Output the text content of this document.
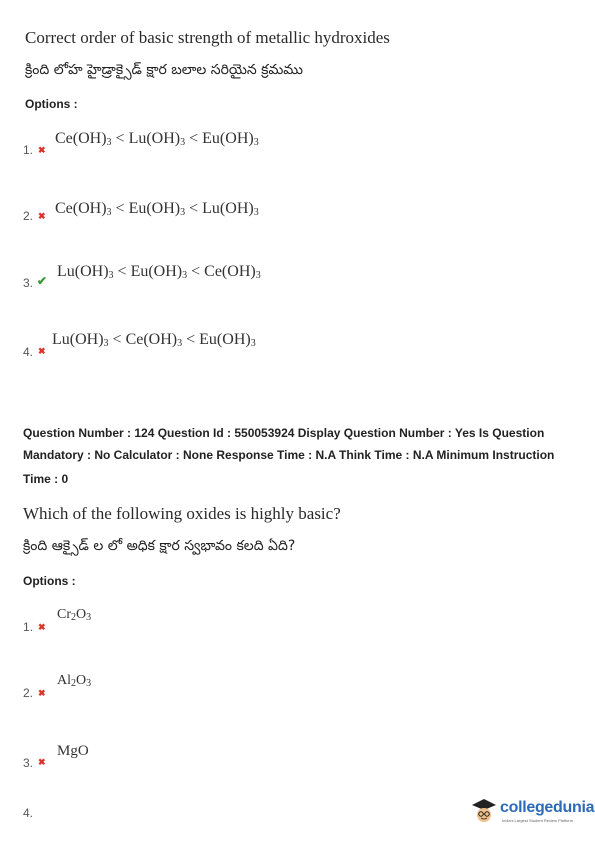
Correct order of basic strength of metallic hydroxides
క్రింది లోహ హైడ్రాక్సైడ్ క్షార బలాల సరియైన క్రమము
Options :
1. ✖
$Ce(OH)_3 < Lu(OH)_3 < Eu(OH)_3$
2. ✖ $Ce(OH)_3 < Eu(OH)_3 < Lu(OH)_3$
3. ✔
$Lu(OH)_3 < Eu(OH)_3 < Ce(OH)_3$
4. ✖
$Lu(OH)_3 < Ce(OH)_3 < Eu(OH)_3$
Question Number : 124 Question Id : 550053924 Display Question Number : Yes Is Question
Mandatory : No Calculator : None Response Time : N.A Think Time : N.A Minimum Instruction
Time : 0
Which of the following oxides is highly basic?
క్రింది ఆక్సైడ్ ల లో అధిక క్షార స్వభావం కలది ఏది?
Options :
1. ✖
$Cr_2O_3$
2. ✖
$Al_2O_3$
3. ✖
MgO
4.	collegedunia
India's Largest Student Review Platform
